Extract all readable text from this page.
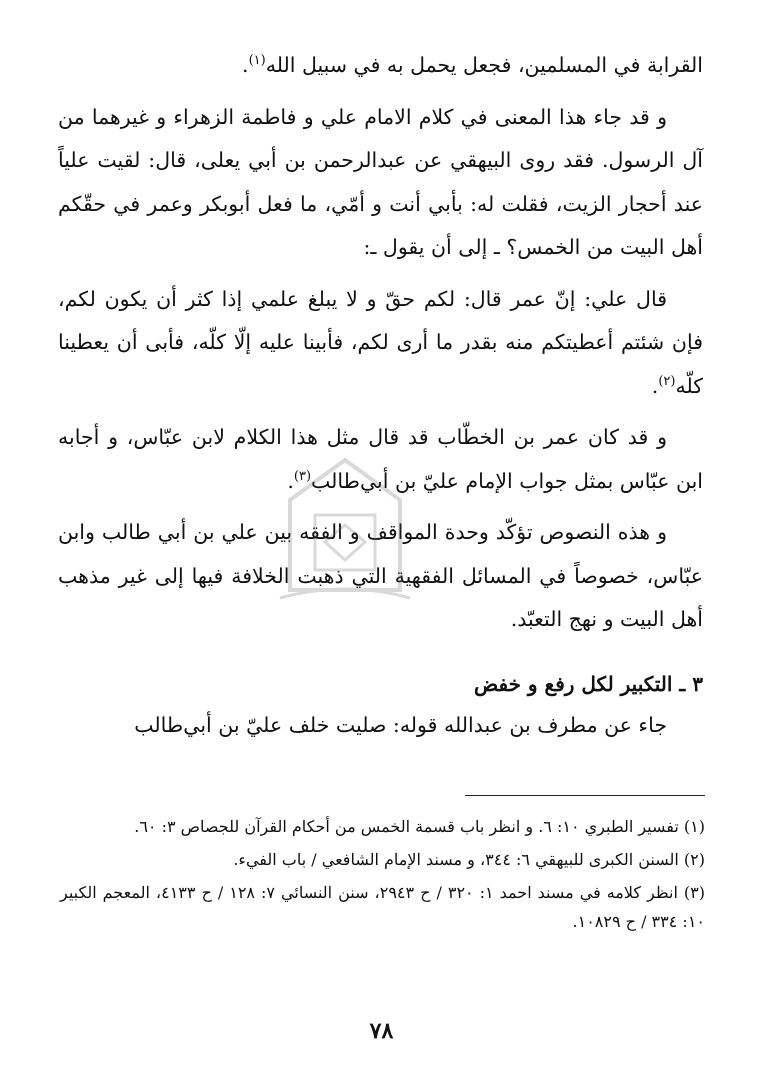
القرابة في المسلمين، فجعل يحمل به في سبيل الله$^{(١)}$.

و قد جاء هذا المعنى في كلام الامام علي و فاطمة الزهراء و غيرهما من آل الرسول. فقد روى البيهقي عن عبدالرحمن بن أبي يعلى، قال: لقيت علياً عند أحجار الزيت، فقلت له: بأبي أنت و أمّي، ما فعل أبوبكر وعمر في حقّكم أهل البيت من الخمس؟ ـ إلى أن يقول ـ:

قال علي: إنّ عمر قال: لكم حقّ و لا يبلغ علمي إذا كثر أن يكون لكم، فإن شئتم أعطيتكم منه بقدر ما أرى لكم، فأبينا عليه إلّا كلّه، فأبى أن يعطينا كلّه$^{(٢)}$.

و قد كان عمر بن الخطّاب قد قال مثل هذا الكلام لابن عبّاس، و أجابه ابن عبّاس بمثل جواب الإمام عليّ بن أبي‌طالب$^{(٣)}$.

و هذه النصوص تؤكّد وحدة المواقف و الفقه بين علي بن أبي طالب وابن عبّاس، خصوصاً في المسائل الفقهية التي ذهبت الخلافة فيها إلى غير مذهب أهل البيت و نهج التعبّد.

٣ ـ التكبير لكل رفع و خفض

جاء عن مطرف بن عبدالله قوله: صليت خلف عليّ بن أبي‌طالب

(١) تفسير الطبري ١٠: ٦. و انظر باب قسمة الخمس من أحكام القرآن للجصاص ٣: ٦٠.

(٢) السنن الكبرى للبيهقي ٦: ٣٤٤، و مسند الإمام الشافعي / باب الفيء.

(٣) انظر كلامه في مسند احمد ١: ٣٢٠ / ح ٢٩٤٣، سنن النسائي ٧: ١٢٨ / ح ٤١٣٣، المعجم الكبير ١٠: ٣٣٤ / ح ١٠٨٢٩.

٧٨
